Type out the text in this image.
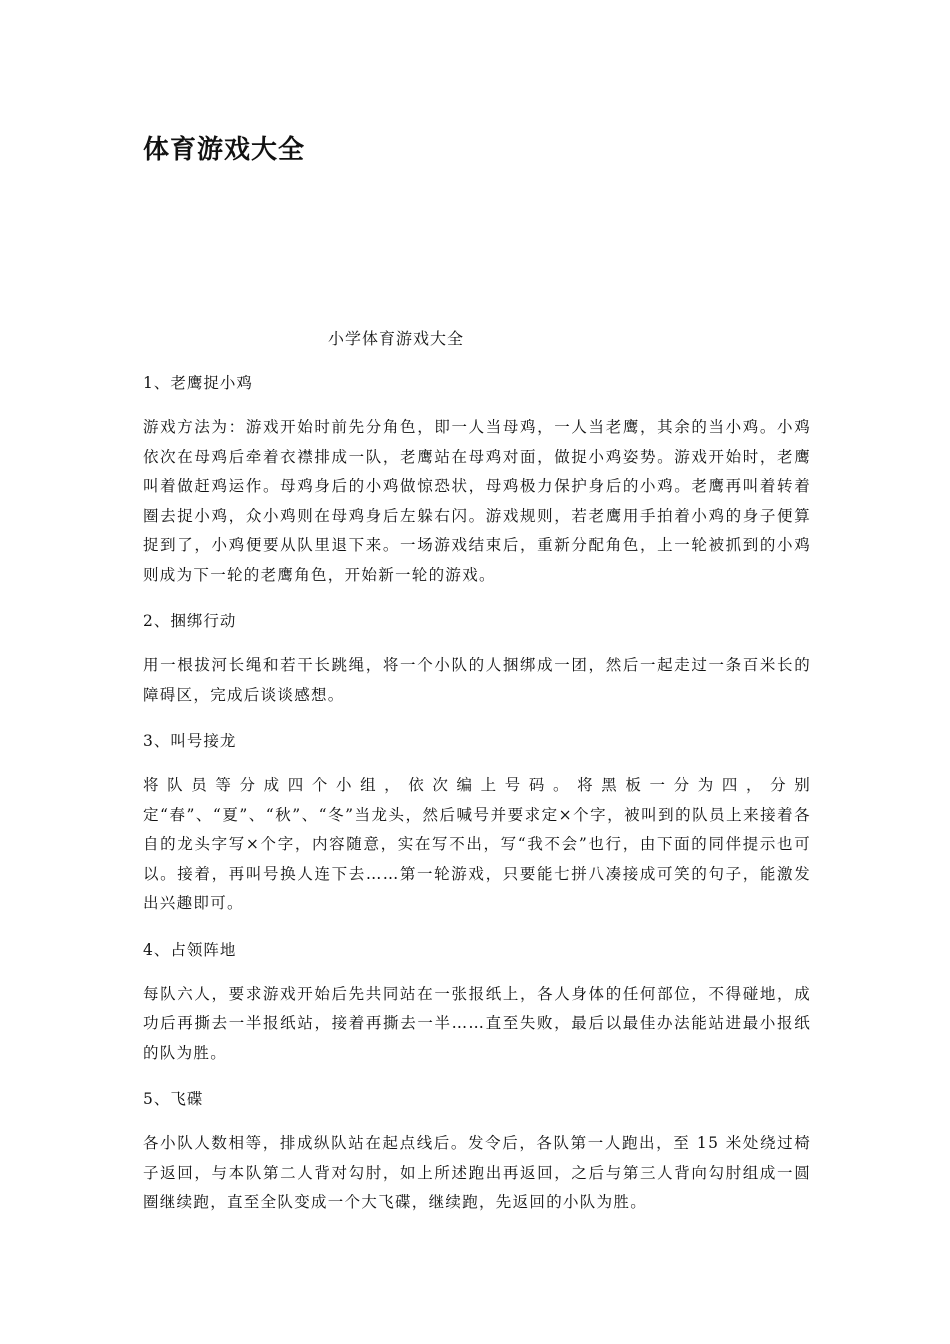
体育游戏大全

小学体育游戏大全

1、老鹰捉小鸡

游戏方法为：游戏开始时前先分角色，即一人当母鸡，一人当老鹰，其余的当小鸡。小鸡依次在母鸡后牵着衣襟排成一队，老鹰站在母鸡对面，做捉小鸡姿势。游戏开始时，老鹰叫着做赶鸡运作。母鸡身后的小鸡做惊恐状，母鸡极力保护身后的小鸡。老鹰再叫着转着圈去捉小鸡，众小鸡则在母鸡身后左躲右闪。游戏规则，若老鹰用手拍着小鸡的身子便算捉到了，小鸡便要从队里退下来。一场游戏结束后，重新分配角色，上一轮被抓到的小鸡则成为下一轮的老鹰角色，开始新一轮的游戏。

2、捆绑行动

用一根拔河长绳和若干长跳绳，将一个小队的人捆绑成一团，然后一起走过一条百米长的障碍区，完成后谈谈感想。

3、叫号接龙

将队员等分成四个小组，依次编上号码。将黑板一分为四，分别定“春”、“夏”、“秋”、“冬”当龙头，然后喊号并要求定×个字，被叫到的队员上来接着各自的龙头字写×个字，内容随意，实在写不出，写“我不会”也行，由下面的同伴提示也可以。接着，再叫号换人连下去……第一轮游戏，只要能七拼八凑接成可笑的句子，能激发出兴趣即可。

4、占领阵地

每队六人，要求游戏开始后先共同站在一张报纸上，各人身体的任何部位，不得碰地，成功后再撕去一半报纸站，接着再撕去一半……直至失败，最后以最佳办法能站进最小报纸的队为胜。

5、飞碟

各小队人数相等，排成纵队站在起点线后。发令后，各队第一人跑出，至 15 米处绕过椅子返回，与本队第二人背对勾肘，如上所述跑出再返回，之后与第三人背向勾肘组成一圆圈继续跑，直至全队变成一个大飞碟，继续跑，先返回的小队为胜。
